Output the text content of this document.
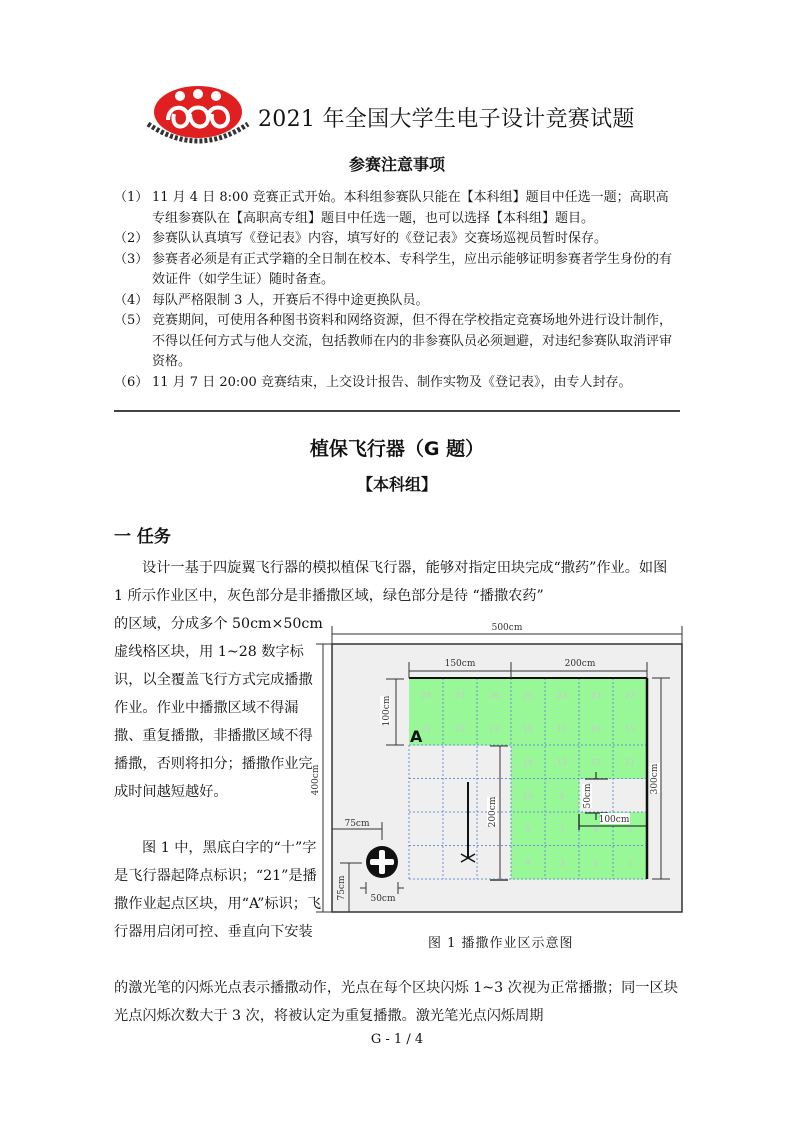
2021 年全国大学生电子设计竞赛试题
参赛注意事项
（1） 11 月 4 日 8:00 竞赛正式开始。本科组参赛队只能在【本科组】题目中任选一题；高职高专组参赛队在【高职高专组】题目中任选一题，也可以选择【本科组】题目。
（2） 参赛队认真填写《登记表》内容，填写好的《登记表》交赛场巡视员暂时保存。
（3） 参赛者必须是有正式学籍的全日制在校本、专科学生，应出示能够证明参赛者学生身份的有效证件（如学生证）随时备查。
（4） 每队严格限制 3 人，开赛后不得中途更换队员。
（5） 竞赛期间，可使用各种图书资料和网络资源，但不得在学校指定竞赛场地外进行设计制作，不得以任何方式与他人交流，包括教师在内的非参赛队员必须迴避，对违纪参赛队取消评审资格。
（6） 11 月 7 日 20:00 竞赛结束，上交设计报告、制作实物及《登记表》，由专人封存。
植保飞行器（G 题）
【本科组】
一 任务
设计一基于四旋翼飞行器的模拟植保飞行器，能够对指定田块完成“撒药”作业。如图 1 所示作业区中，灰色部分是非播撒区域，绿色部分是待 “播撒农药”
的区域，分成多个 50cm×50cm 虚线格区块，用 1~28 数字标识，以全覆盖飞行方式完成播撒作业。作业中播撒区域不得漏撒、重复播撒，非播撒区域不得播撒，否则将扣分；播撒作业完成时间越短越好。
图 1 中，黑底白字的“十”字是飞行器起降点标识；“21”是播撒作业起点区块，用“A”标识；飞行器用启闭可控、垂直向下安装
的激光笔的闪烁光点表示播撒动作，光点在每个区块闪烁 1~3 次视为正常播撒；同一区块光点闪烁次数大于 3 次，将被认定为重复播撒。激光笔光点闪烁周期
28	27	26	25	24	23	22
21	20	19	18	17	16	15
14	13	12	11
10	9
8	7	6	5
4	3	2	1
A
500cm
150cm	200cm
400cm
100cm
300cm
200cm
50cm
100cm
75cm
75cm	50cm
图 1 播撒作业区示意图
G - 1 / 4
